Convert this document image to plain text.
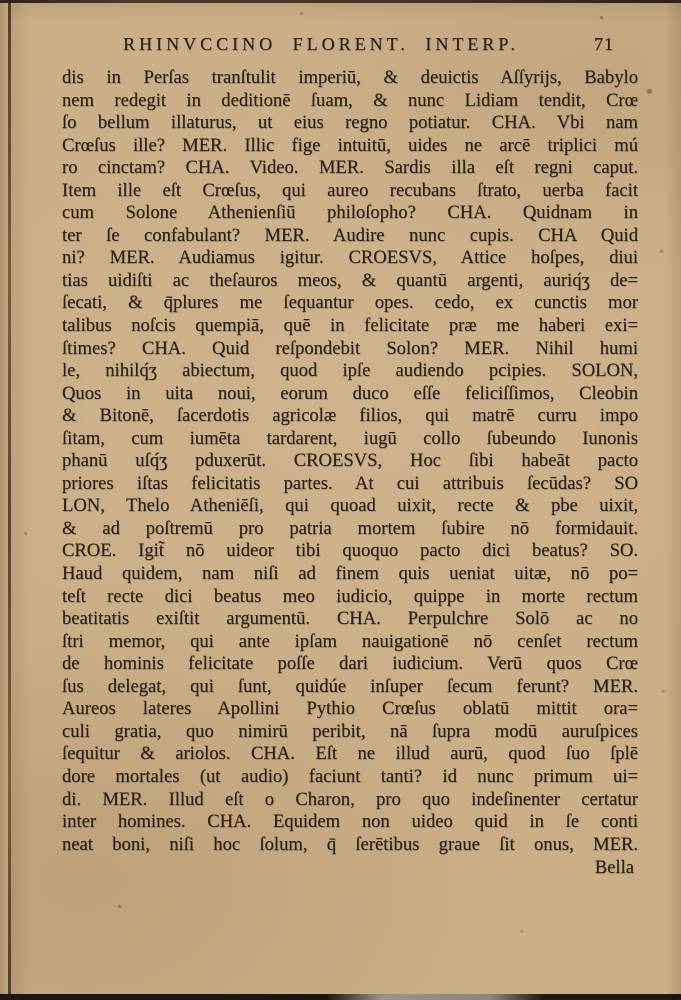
RHINVCCINO FLORENT. INTERP.	71
dis in Perſas tranſtulit imperiū, & deuictis Aſſyrijs, Babylo
nem redegit in deditionē ſuam, & nunc Lidiam tendit, Crœ
ſo bellum illaturus, ut eius regno potiatur. CHA. Vbi nam
Crœſus ille? MER. Illic fige intuitū, uides ne arcē triplici mú
ro cinctam? CHA. Video. MER. Sardis illa eſt regni caput.
Item ille eſt Crœſus, qui aureo recubans ſtrato, uerba facit
cum Solone Athenienſiū philoſopho? CHA. Quidnam in
ter ſe confabulant? MER. Audire nunc cupis. CHA Quid
ni? MER. Audiamus igitur. CROESVS, Attice hoſpes, diui
tias uidiſti ac theſauros meos, & quantū argenti, auriq́ʒ de=
ſecati, & q̄plures me ſequantur opes. cedo, ex cunctis mor
talibus noſcis quempiā, quē in felicitate præ me haberi exi=
ſtimes? CHA. Quid reſpondebit Solon? MER. Nihil humi
le, nihilq́ʒ abiectum, quod ipſe audiendo pcipies. SOLON,
Quos in uita noui, eorum duco eſſe feliciſſimos, Cleobin
& Bitonē, ſacerdotis agricolæ filios, qui matrē curru impo
ſitam, cum iumēta tardarent, iugū collo ſubeundo Iunonis
phanū uſq́ʒ pduxerūt. CROESVS, Hoc ſibi habeāt pacto
priores iſtas felicitatis partes. At cui attribuis ſecūdas? SO
LON, Thelo Atheniēſi, qui quoad uixit, recte & pbe uixit,
& ad poſtremū pro patria mortem ſubire nō formidauit.
CROE. Igit̃ nō uideor tibi quoquo pacto dici beatus? SO.
Haud quidem, nam niſi ad finem quis ueniat uitæ, nō po=
teſt recte dici beatus meo iudicio, quippe in morte rectum
beatitatis exiſtit argumentū. CHA. Perpulchre Solō ac no
ſtri memor, qui ante ipſam nauigationē nō cenſet rectum
de hominis felicitate poſſe dari iudicium. Verū quos Crœ
ſus delegat, qui ſunt, quidúe inſuper ſecum ferunt? MER.
Aureos lateres Apollini Pythio Crœſus oblatū mittit ora=
culi gratia, quo nimirū peribit, nā ſupra modū auruſpices
ſequitur & ariolos. CHA. Eſt ne illud aurū, quod ſuo ſplē
dore mortales (ut audio) faciunt tanti? id nunc primum ui=
di. MER. Illud eſt o Charon, pro quo indeſinenter certatur
inter homines. CHA. Equidem non uideo quid in ſe conti
neat boni, niſi hoc ſolum, q̄ ſerētibus graue ſit onus, MER.
Bella
